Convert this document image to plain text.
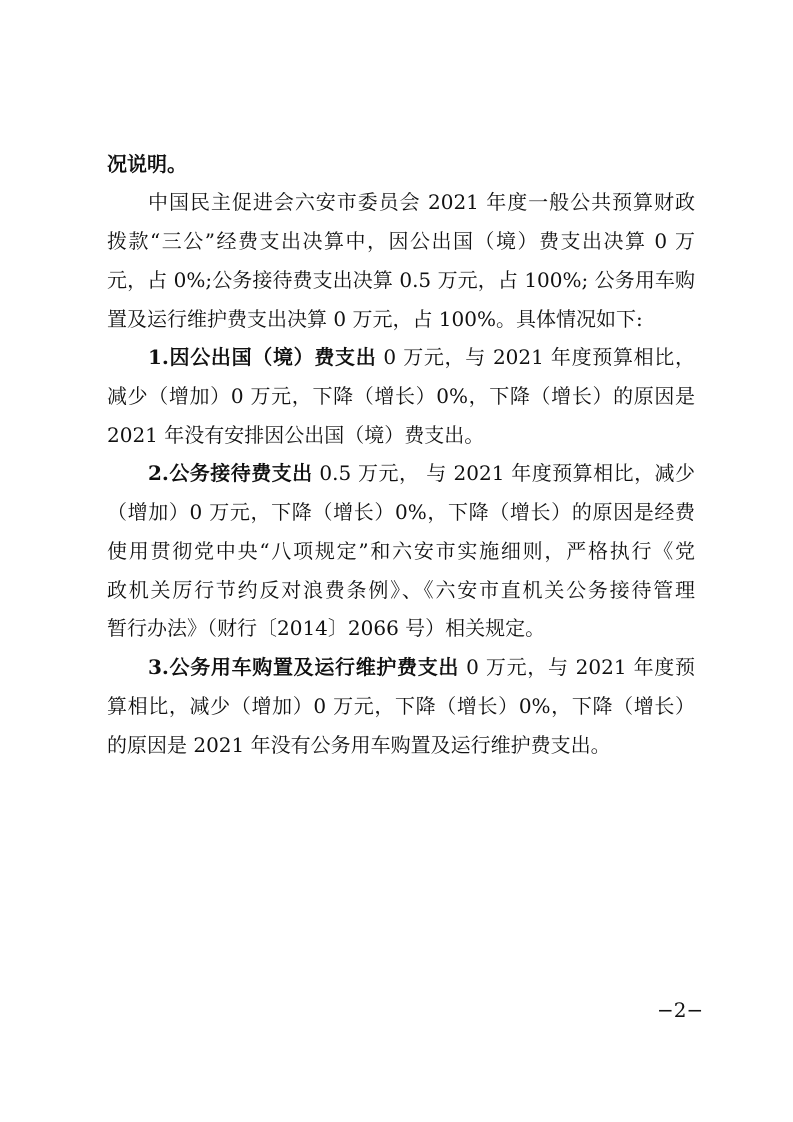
况说明。
中国民主促进会六安市委员会 2021 年度一般公共预算财政
拨款“三公”经费支出决算中，因公出国（境）费支出决算 0 万
元，占 0%;公务接待费支出决算 0.5 万元，占 100%; 公务用车购
置及运行维护费支出决算 0 万元，占 100%。具体情况如下:
1.因公出国（境）费支出 0 万元，与 2021 年度预算相比，
减少（增加）0 万元，下降（增长）0%，下降（增长）的原因是
2021 年没有安排因公出国（境）费支出。
2.公务接待费支出 0.5 万元， 与 2021 年度预算相比，减少
（增加）0 万元，下降（增长）0%，下降（增长）的原因是经费
使用贯彻党中央“八项规定”和六安市实施细则，严格执行《党
政机关厉行节约反对浪费条例》、《六安市直机关公务接待管理
暂行办法》（财行〔2014〕2066 号）相关规定。
3.公务用车购置及运行维护费支出 0 万元，与 2021 年度预
算相比，减少（增加）0 万元，下降（增长）0%，下降（增长）
的原因是 2021 年没有公务用车购置及运行维护费支出。
−2−
